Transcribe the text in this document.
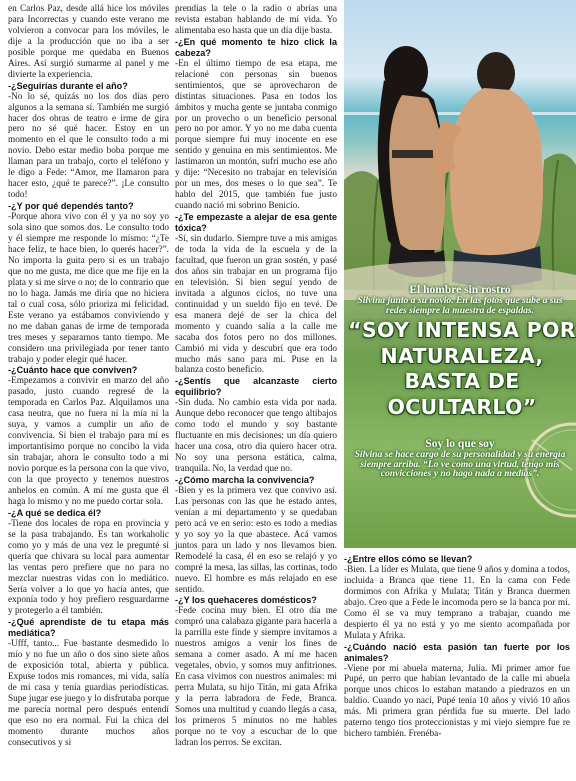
en Carlos Paz, desde allá hice los móviles para Incorrectas y cuando este verano me volvieron a convocar para los móviles, le dije a la producción que no iba a ser posible porque me quedaba en Buenos Aires. Así surgió sumarme al panel y me divierte la experiencia.

-¿Seguirías durante el año?

-No lo sé, quizás no los dos días pero algunos a la semana sí. También me surgió hacer dos obras de teatro e irme de gira pero no sé qué hacer. Estoy en un momento en el que le consulto todo a mi novio. Debo estar medio boba porque me llaman para un trabajo, corto el teléfono y le digo a Fede: “Amor, me llamaron para hacer esto, ¿qué te parece?”. ¡Le consulto todo!

-¿Y por qué dependés tanto?

-Porque ahora vivo con él y ya no soy yo sola sino que somos dos. Le consulto todo y él siempre me responde lo mismo: “¿Te hace feliz, te hace bien, lo querés hacer?”. No importa la guita pero si es un trabajo que no me gusta, me dice que me fije en la plata y si me sirve o no; de lo contrario que no lo haga. Jamás me diría que no hiciera tal o cual cosa, sólo prioriza mi felicidad. Este verano ya estábamos conviviendo y no me daban ganas de irme de temporada tres meses y separarnos tanto tiempo. Me considero una privilegiada por tener tanto trabajo y poder elegir qué hacer.

-¿Cuánto hace que conviven?

-Empezamos a convivir en marzo del año pasado, justo cuando regresé de la temporada en Carlos Paz. Alquilamos una casa neutra, que no fuera ni la mía ni la suya, y vamos a cumplir un año de convivencia. Si bien el trabajo para mí es importantísimo porque no concibo la vida sin trabajar, ahora le consulto todo a mi novio porque es la persona con la que vivo, con la que proyecto y tenemos nuestros anhelos en común. A mí me gusta que él haga lo mismo y no me puedo cortar sola.

-¿A qué se dedica él?

-Tiene dos locales de ropa en provincia y se la pasa trabajando. Es tan workaholic como yo y más de una vez le pregunté si quería que chivara su local para aumentar las ventas pero prefiere que no para no mezclar nuestras vidas con lo mediático. Sería volver a lo que yo hacía antes, que exponía todo y hoy prefiero resguardarme y protegerlo a él también.

-¿Qué aprendiste de tu etapa más mediática?

-Ufff, tanto... Fue bastante desmedido lo mío y no fue un año o dos sino siete años de exposición total, abierta y pública. Expuse todos mis romances, mi vida, salía de mi casa y tenía guardias periodísticas. Supe jugar ese juego y lo disfrutaba porque me parecía normal pero después entendí que eso no era normal. Fui la chica del momento durante muchos años consecutivos y si

prendías la tele o la radio o abrías una revista estaban hablando de mí vida. Yo alimentaba eso hasta que un día dije basta.

-¿En qué momento te hizo click la cabeza?

-En el último tiempo de esa etapa, me relacioné con personas sin buenos sentimientos, que se aprovecharon de distintas situaciones. Pasa en todos los ámbitos y mucha gente se juntaba conmigo por un provecho o un beneficio personal pero no por amor. Y yo no me daba cuenta porque siempre fui muy inocente en ese sentido y genuina en mis sentimientos. Me lastimaron un montón, sufrí mucho ese año y dije: “Necesito no trabajar en televisión por un mes, dos meses o lo que sea”. Te hablo del 2015, que también fue justo cuando nació mi sobrino Benicio.

-¿Te empezaste a alejar de esa gente tóxica?

-Sí, sin dudarlo. Siempre tuve a mis amigas de toda la vida de la escuela y de la facultad, que fueron un gran sostén, y pasé dos años sin trabajar en un programa fijo en televisión. Si bien seguí yendo de invitada a algunos ciclos, no tuve una continuidad y un sueldo fijo en tevé. De esa manera dejé de ser la chica del momento y cuando salía a la calle me sacaba dos fotos pero no dos millones. Cambió mi vida y descubrí que era todo mucho más sano para mí. Puse en la balanza costo beneficio.

-¿Sentís que alcanzaste cierto equilibrio?

-Sin duda. No cambio esta vida por nada. Aunque debo reconocer que tengo altibajos como todo el mundo y soy bastante fluctuante en mis decisiones: un día quiero hacer una cosa, otro día quiero hacer otra. No soy una persona estática, calma, tranquila. No, la verdad que no.

-¿Cómo marcha la convivencia?

-Bien y es la primera vez que convivo así. Las personas con las que he estado antes, venían a mi departamento y se quedaban pero acá ve en serio: esto es todo a medias y yo soy yo la que abastece. Acá vamos juntos para un lado y nos llevamos bien. Remodelé la casa, él en eso se relajó y yo compré la mesa, las sillas, las cortinas, todo nuevo. El hombre es más relajado en ese sentido.

-¿Y los quehaceres domésticos?

-Fede cocina muy bien. El otro día me compró una calabaza gigante para hacerla a la parrilla este finde y siempre invitamos a nuestros amigos a venir los fines de semana a comer asado. A mí me hacen vegetales, obvio, y somos muy anfitriones. En casa vivimos con nuestros animales: mi perra Mulata, su hijo Titán, mi gata Afrika y la perra labradora de Fede, Branca. Somos una multitud y cuando llegás a casa, los primeros 5 minutos no me hables porque no te voy a escuchar de lo que ladran los perros. Se excitan.

El hombre sin rostro
Silvina junto a su novio. En las fotos que sube a sus redes siempre la muestra de espaldas.
“SOY INTENSA POR NATURALEZA, BASTA DE OCULTARLO”
Soy lo que soy
Silvina se hace cargo de su personalidad y su energía siempre arriba. “Lo ve como una virtud, tengo mis convicciones y no hago nada a medias”.

-¿Entre ellos cómo se llevan?

-Bien. La líder es Mulata, que tiene 9 años y domina a todos, incluida a Branca que tiene 11. En la cama con Fede dormimos con Afrika y Mulata; Titán y Branca duermen abajo. Creo que a Fede le incomoda pero se la banca por mí. Como él se va muy temprano a trabajar, cuando me despierto él ya no está y yo me siento acompañada por Mulata y Afrika.

-¿Cuándo nació esta pasión tan fuerte por los animales?

-Viene por mi abuela materna, Julia. Mi primer amor fue Pupé, un perro que habían levantado de la calle mi abuela porque unos chicos lo estaban matando a piedrazos en un baldío. Cuando yo nací, Pupé tenía 10 años y vivió 10 años más. Mi primera gran pérdida fue su muerte. Del lado paterno tengo tíos proteccionistas y mi viejo siempre fue re bichero también. Frenéba-
